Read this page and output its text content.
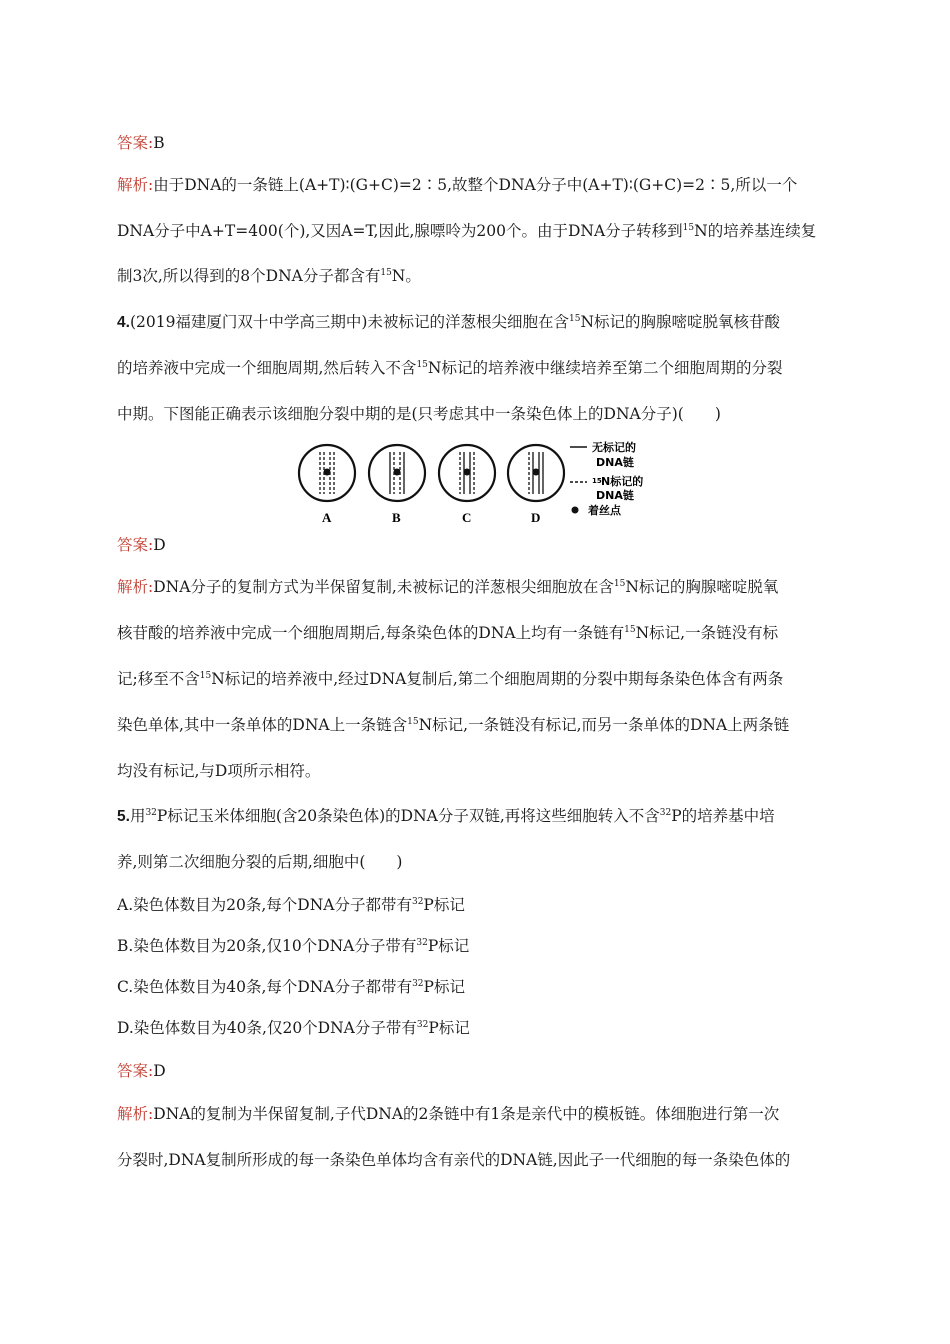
答案:B
解析:由于DNA的一条链上(A+T)∶(G+C)=2∶5,故整个DNA分子中(A+T)∶(G+C)=2∶5,所以一个
DNA分子中A+T=400(个),又因A=T,因此,腺嘌呤为200个。由于DNA分子转移到$^{15}$N的培养基连续复
制3次,所以得到的8个DNA分子都含有$^{15}$N。
4.(2019福建厦门双十中学高三期中)未被标记的洋葱根尖细胞在含$^{15}$N标记的胸腺嘧啶脱氧核苷酸
的培养液中完成一个细胞周期,然后转入不含$^{15}$N标记的培养液中继续培养至第二个细胞周期的分裂
中期。下图能正确表示该细胞分裂中期的是(只考虑其中一条染色体上的DNA分子)(　　)
A	B	C	D
无标记的
DNA链
15 N标记的
DNA链
着丝点
答案:D
解析:DNA分子的复制方式为半保留复制,未被标记的洋葱根尖细胞放在含$^{15}$N标记的胸腺嘧啶脱氧
核苷酸的培养液中完成一个细胞周期后,每条染色体的DNA上均有一条链有$^{15}$N标记,一条链没有标
记;移至不含$^{15}$N标记的培养液中,经过DNA复制后,第二个细胞周期的分裂中期每条染色体含有两条
染色单体,其中一条单体的DNA上一条链含$^{15}$N标记,一条链没有标记,而另一条单体的DNA上两条链
均没有标记,与D项所示相符。
5.用$^{32}$P标记玉米体细胞(含20条染色体)的DNA分子双链,再将这些细胞转入不含$^{32}$P的培养基中培
养,则第二次细胞分裂的后期,细胞中(　　)
A.染色体数目为20条,每个DNA分子都带有$^{32}$P标记
B.染色体数目为20条,仅10个DNA分子带有$^{32}$P标记
C.染色体数目为40条,每个DNA分子都带有$^{32}$P标记
D.染色体数目为40条,仅20个DNA分子带有$^{32}$P标记
答案:D
解析:DNA的复制为半保留复制,子代DNA的2条链中有1条是亲代中的模板链。体细胞进行第一次
分裂时,DNA复制所形成的每一条染色单体均含有亲代的DNA链,因此子一代细胞的每一条染色体的
